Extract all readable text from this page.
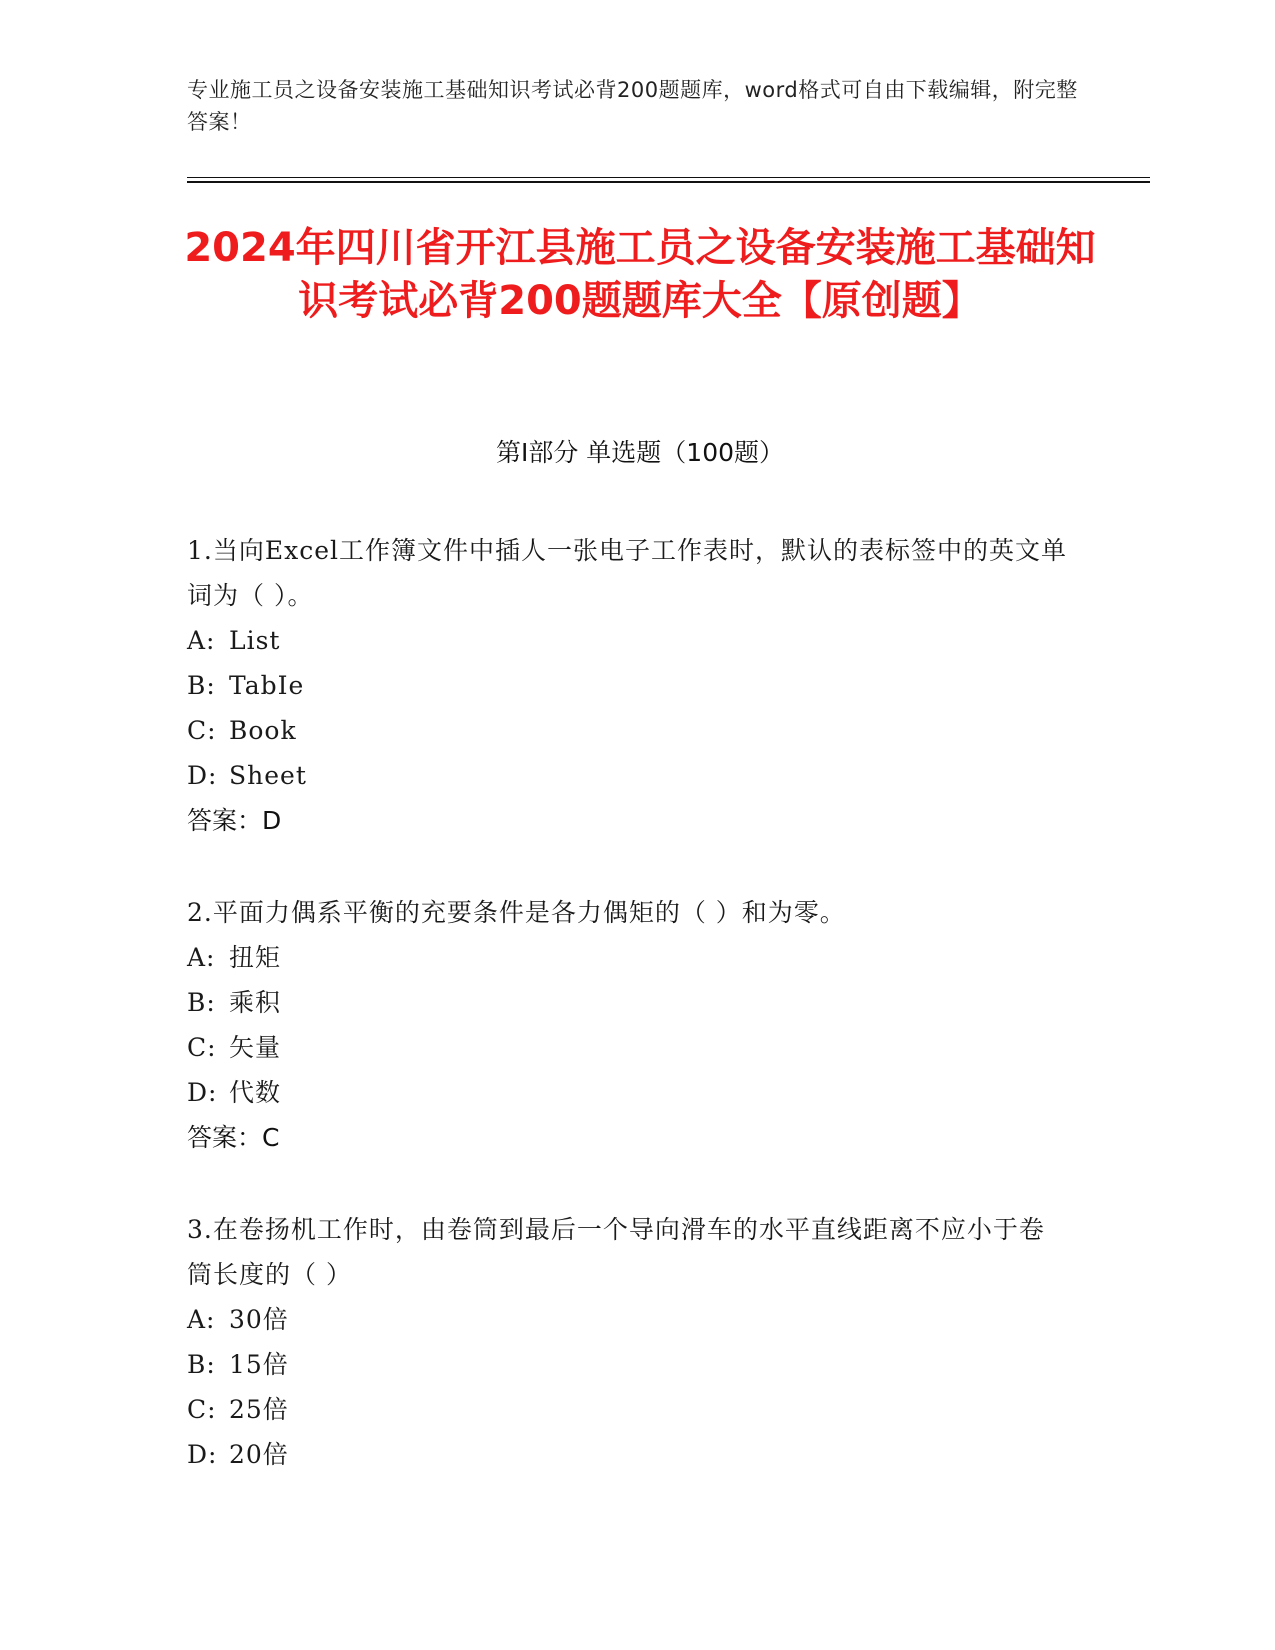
专业施工员之设备安装施工基础知识考试必背200题题库，word格式可自由下载编辑，附完整答案！
2024年四川省开江县施工员之设备安装施工基础知识考试必背200题题库大全【原创题】
第I部分 单选题（100题）
1.当向Excel工作簿文件中插人一张电子工作表时，默认的表标签中的英文单词为（ ）。
A: List
B: TabIe
C: Book
D: Sheet
答案：D
2.平面力偶系平衡的充要条件是各力偶矩的（ ）和为零。
A: 扭矩
B: 乘积
C: 矢量
D: 代数
答案：C
3.在卷扬机工作时，由卷筒到最后一个导向滑车的水平直线距离不应小于卷筒长度的（ ）
A: 30倍
B: 15倍
C: 25倍
D: 20倍
